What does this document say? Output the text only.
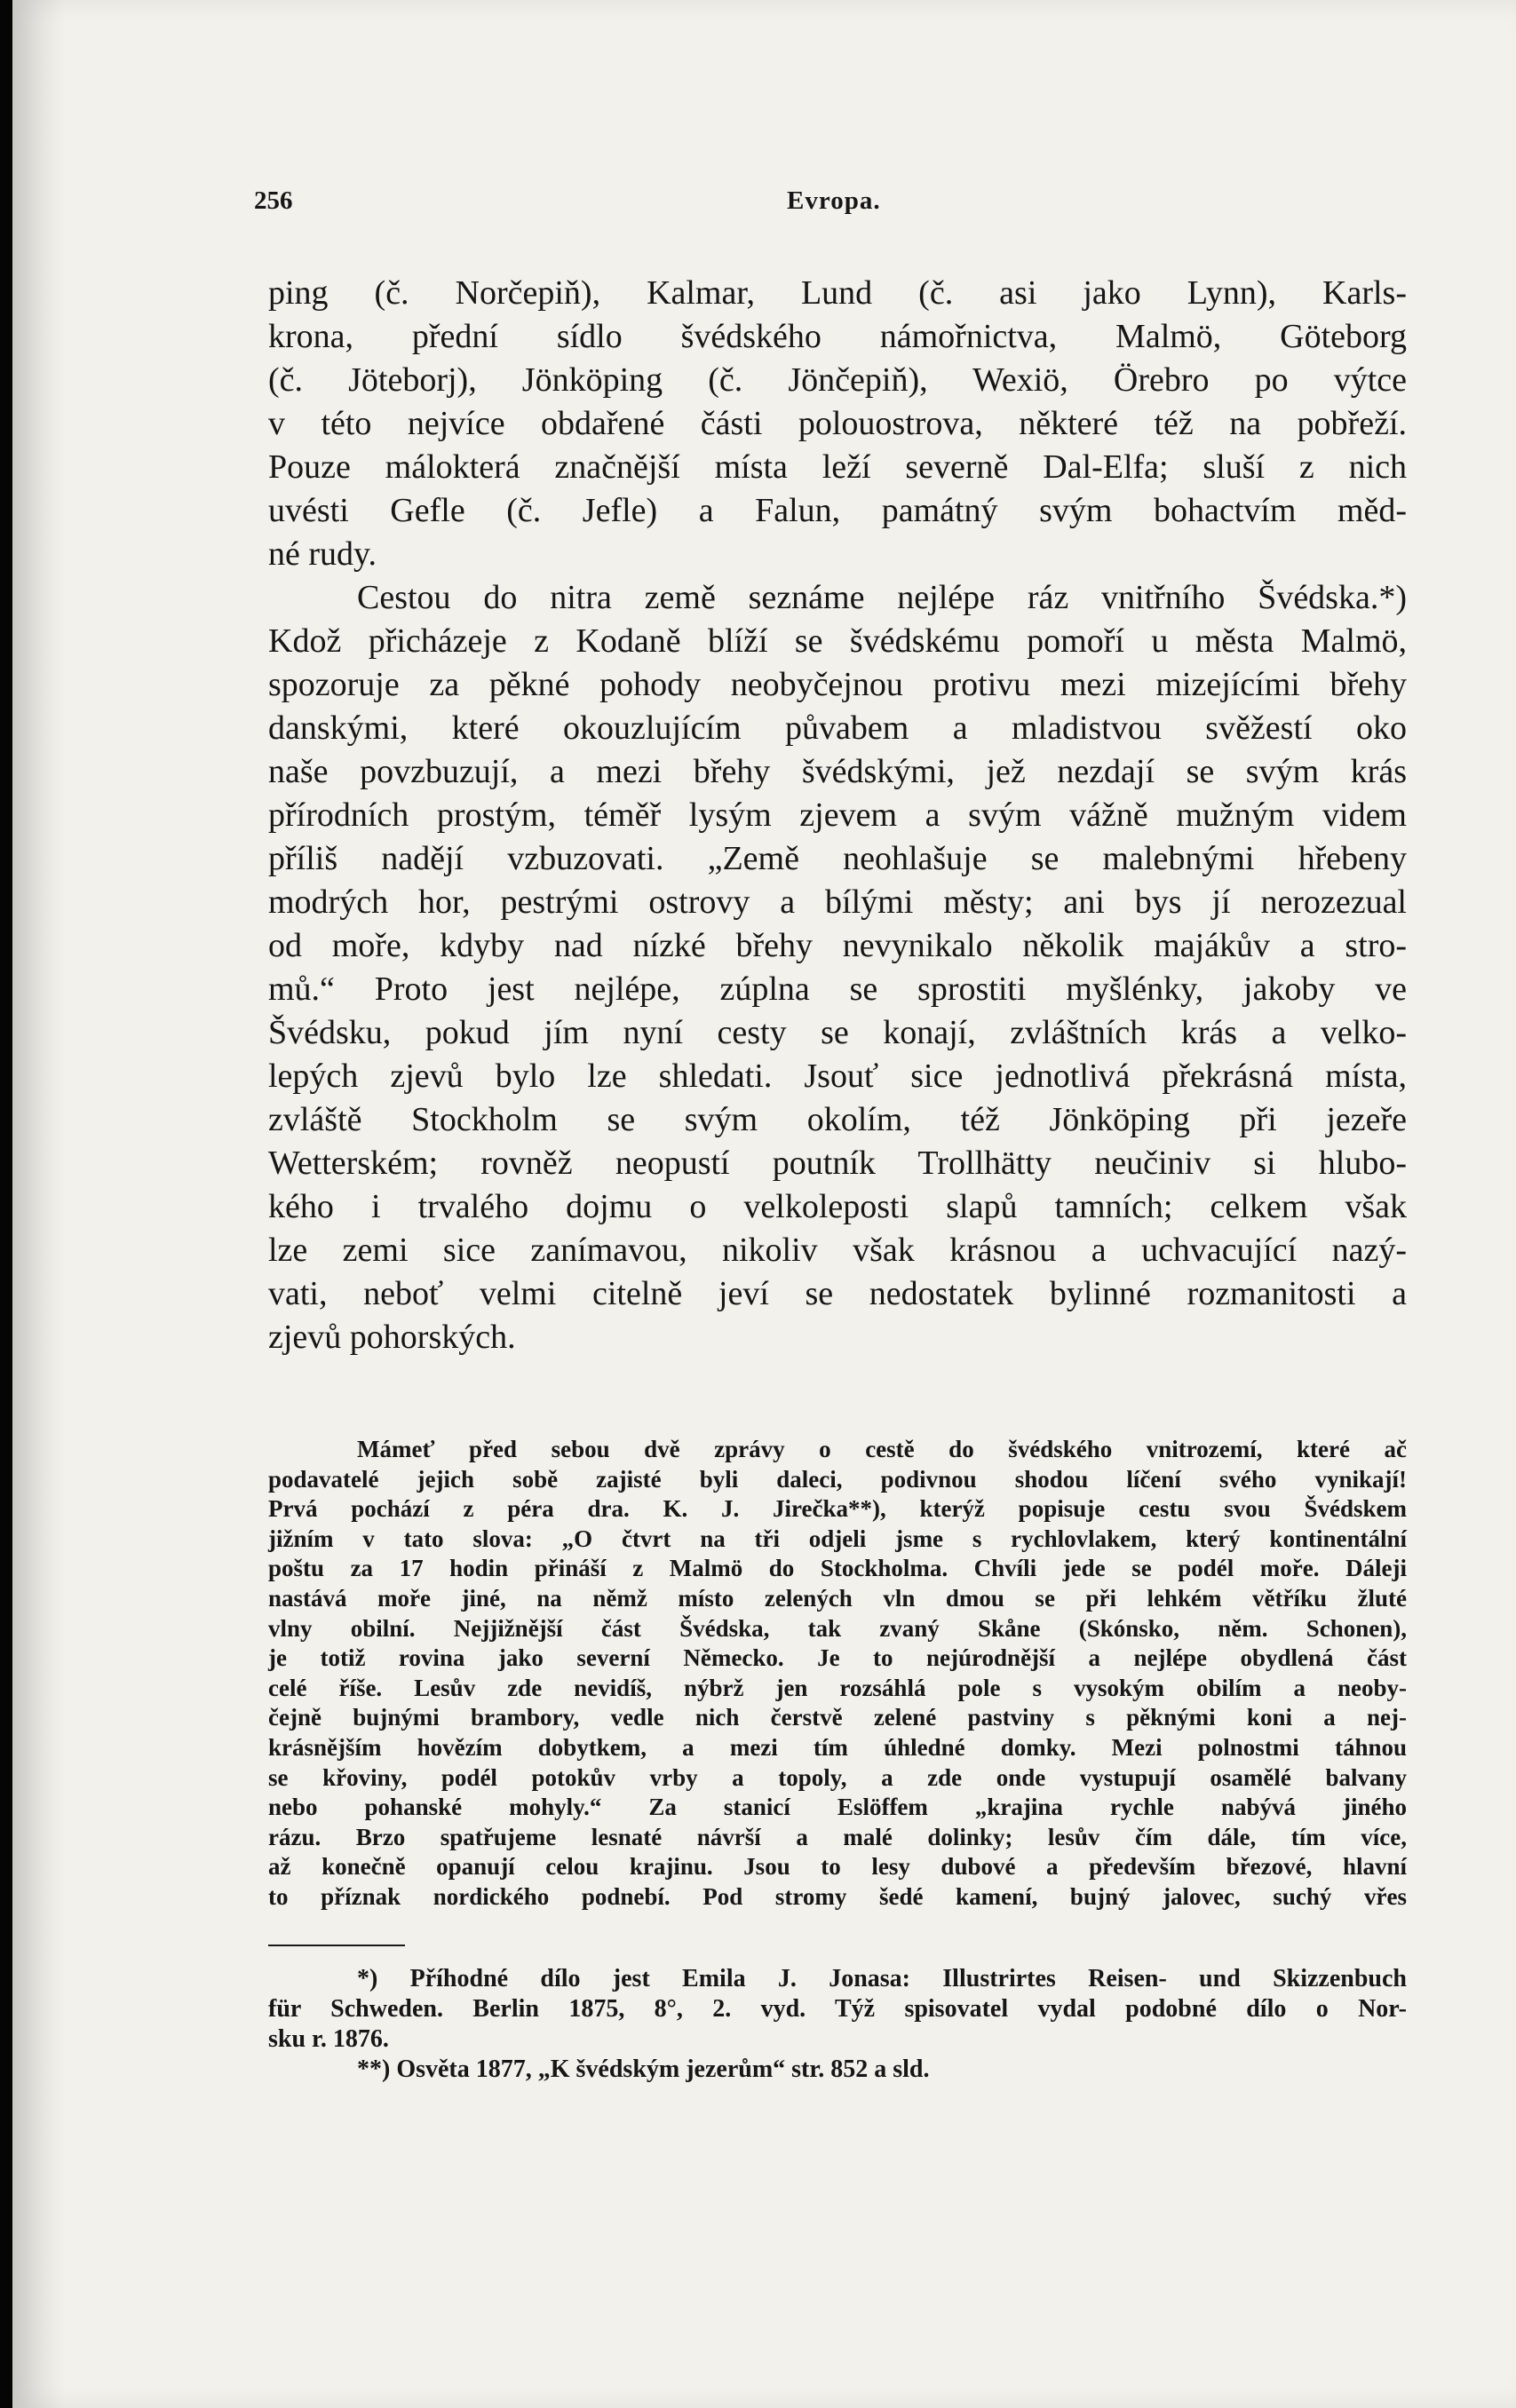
256	Evropa.
ping (č. Norčepiň), Kalmar, Lund (č. asi jako Lynn), Karls-
krona, přední sídlo švédského námořnictva, Malmö, Göteborg
(č. Jöteborj), Jönköping (č. Jönčepiň), Wexiö, Örebro po výtce
v této nejvíce obdařené části polouostrova, některé též na pobřeží.
Pouze málokterá značnější místa leží severně Dal-Elfa; sluší z nich
uvésti Gefle (č. Jefle) a Falun, památný svým bohactvím měd-
né rudy.
Cestou do nitra země seznáme nejlépe ráz vnitřního Švédska.*)
Kdož přicházeje z Kodaně blíží se švédskému pomoří u města Malmö,
spozoruje za pěkné pohody neobyčejnou protivu mezi mizejícími břehy
danskými, které okouzlujícím půvabem a mladistvou svěžestí oko
naše povzbuzují, a mezi břehy švédskými, jež nezdají se svým krás
přírodních prostým, téměř lysým zjevem a svým vážně mužným videm
příliš nadějí vzbuzovati. „Země neohlašuje se malebnými hřebeny
modrých hor, pestrými ostrovy a bílými městy; ani bys jí nerozezual
od moře, kdyby nad nízké břehy nevynikalo několik majákův a stro-
mů.“ Proto jest nejlépe, zúplna se sprostiti myšlénky, jakoby ve
Švédsku, pokud jím nyní cesty se konají, zvláštních krás a velko-
lepých zjevů bylo lze shledati. Jsouť sice jednotlivá překrásná místa,
zvláště Stockholm se svým okolím, též Jönköping při jezeře
Wetterském; rovněž neopustí poutník Trollhätty neučiniv si hlubo-
kého i trvalého dojmu o velkoleposti slapů tamních; celkem však
lze zemi sice zanímavou, nikoliv však krásnou a uchvacující nazý-
vati, neboť velmi citelně jeví se nedostatek bylinné rozmanitosti a
zjevů pohorských.
Mámeť před sebou dvě zprávy o cestě do švédského vnitrozemí, které ač
podavatelé jejich sobě zajisté byli daleci, podivnou shodou líčení svého vynikají!
Prvá pochází z péra dra. K. J. Jirečka**), kterýž popisuje cestu svou Švédskem
jižním v tato slova: „O čtvrt na tři odjeli jsme s rychlovlakem, který kontinentální
poštu za 17 hodin přináší z Malmö do Stockholma. Chvíli jede se podél moře. Dáleji
nastává moře jiné, na němž místo zelených vln dmou se při lehkém větříku žluté
vlny obilní. Nejjižnější část Švédska, tak zvaný Skåne (Skónsko, něm. Schonen),
je totiž rovina jako severní Německo. Je to nejúrodnější a nejlépe obydlená část
celé říše. Lesův zde nevidíš, nýbrž jen rozsáhlá pole s vysokým obilím a neoby-
čejně bujnými brambory, vedle nich čerstvě zelené pastviny s pěknými koni a nej-
krásnějším hovězím dobytkem, a mezi tím úhledné domky. Mezi polnostmi táhnou
se křoviny, podél potokův vrby a topoly, a zde onde vystupují osamělé balvany
nebo pohanské mohyly.“ Za stanicí Eslöffem „krajina rychle nabývá jiného
rázu. Brzo spatřujeme lesnaté návrší a malé dolinky; lesův čím dále, tím více,
až konečně opanují celou krajinu. Jsou to lesy dubové a především březové, hlavní
to příznak nordického podnebí. Pod stromy šedé kamení, bujný jalovec, suchý vřes
*) Příhodné dílo jest Emila J. Jonasa: Illustrirtes Reisen- und Skizzenbuch
für Schweden. Berlin 1875, 8°, 2. vyd. Týž spisovatel vydal podobné dílo o Nor-
sku r. 1876.
**) Osvěta 1877, „K švédským jezerům“ str. 852 a sld.
